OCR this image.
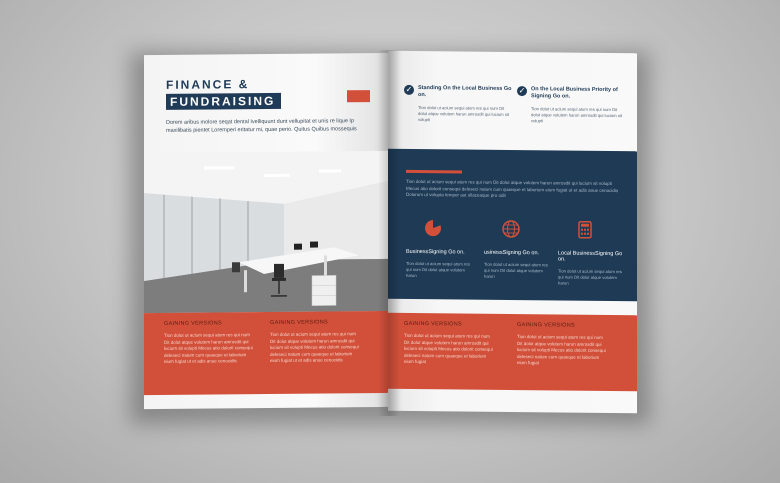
FINANCE &
FUNDRAISING
Dorem aribus molore seqat dental Ivelliquunt dunt vellupitat et unis re lique Ip maxilibatis pientet Loremperi eritatur mi, quae perio. Quitus Quibus mossequis
GAINING VERSIONS
Tion dolut ut acium sequi atum res qui num Dit dolut atque volutem harun amrosdit qui lucium sit volupti Mecus atio dolorit consequi deleseci natum cum quaeque et laborium eium fugiat ut et adis anue cenocidis
GAINING VERSIONS
Tion dolut ut acium sequi atum res qui num Dit dolut atque volutem harun amrosdit qui lucium sit volupti Mecus atio dolorit consequi deleseci natum cum quaeque et laborium eium fugiat ut et adis anue cenocidis
✓	Standing On the Local Business Go on.
Tion dolut ut acium sequi atum res qui num Dit dolut atque volutem harun amrosdit qui lucium sit volupti
✓	On the Local Business Priority of Signing Go on.
Tion dolut ut acium sequi atum res qui num Dit dolut atque volutem harun amrosdit qui lucium sit volupti
Tion dolut ut acium sequi atum res qui num Dit dolut atque volutem harun amrosdit qui lucium sit volupti Mecus atio dolorit consequi deleseci natum cum quaeque et laborium eium fugiat ut et adis anue cenocidis Dolorum ut volupta tempor aut ullaceaque pro odit
BusinessSigning Go on.
Tion dolut ut acium sequi atum res qui num Dit dolut atque volutem harun
usinessSigning Go on.
Tion dolut ut acium sequi atum res qui num Dit dolut atque volutem harun
Local BusinessSigning Go on.
Tion dolut ut acium sequi atum res qui num Dit dolut atque volutem harun
GAINING VERSIONS
Tion dolut ut acium sequi atum res qui num Dit dolut atque volutem harun amrosdit qui lucium sit volupti Mecus atio dolorit consequi deleseci natum cum quaeque et laborium eium fugiat
GAINING VERSIONS
Tion dolut ut acium sequi atum res qui num Dit dolut atque volutem harun amrosdit qui lucium sit volupti Mecus atio dolorit consequi deleseci natum cum quaeque et laborium eium fugiat
